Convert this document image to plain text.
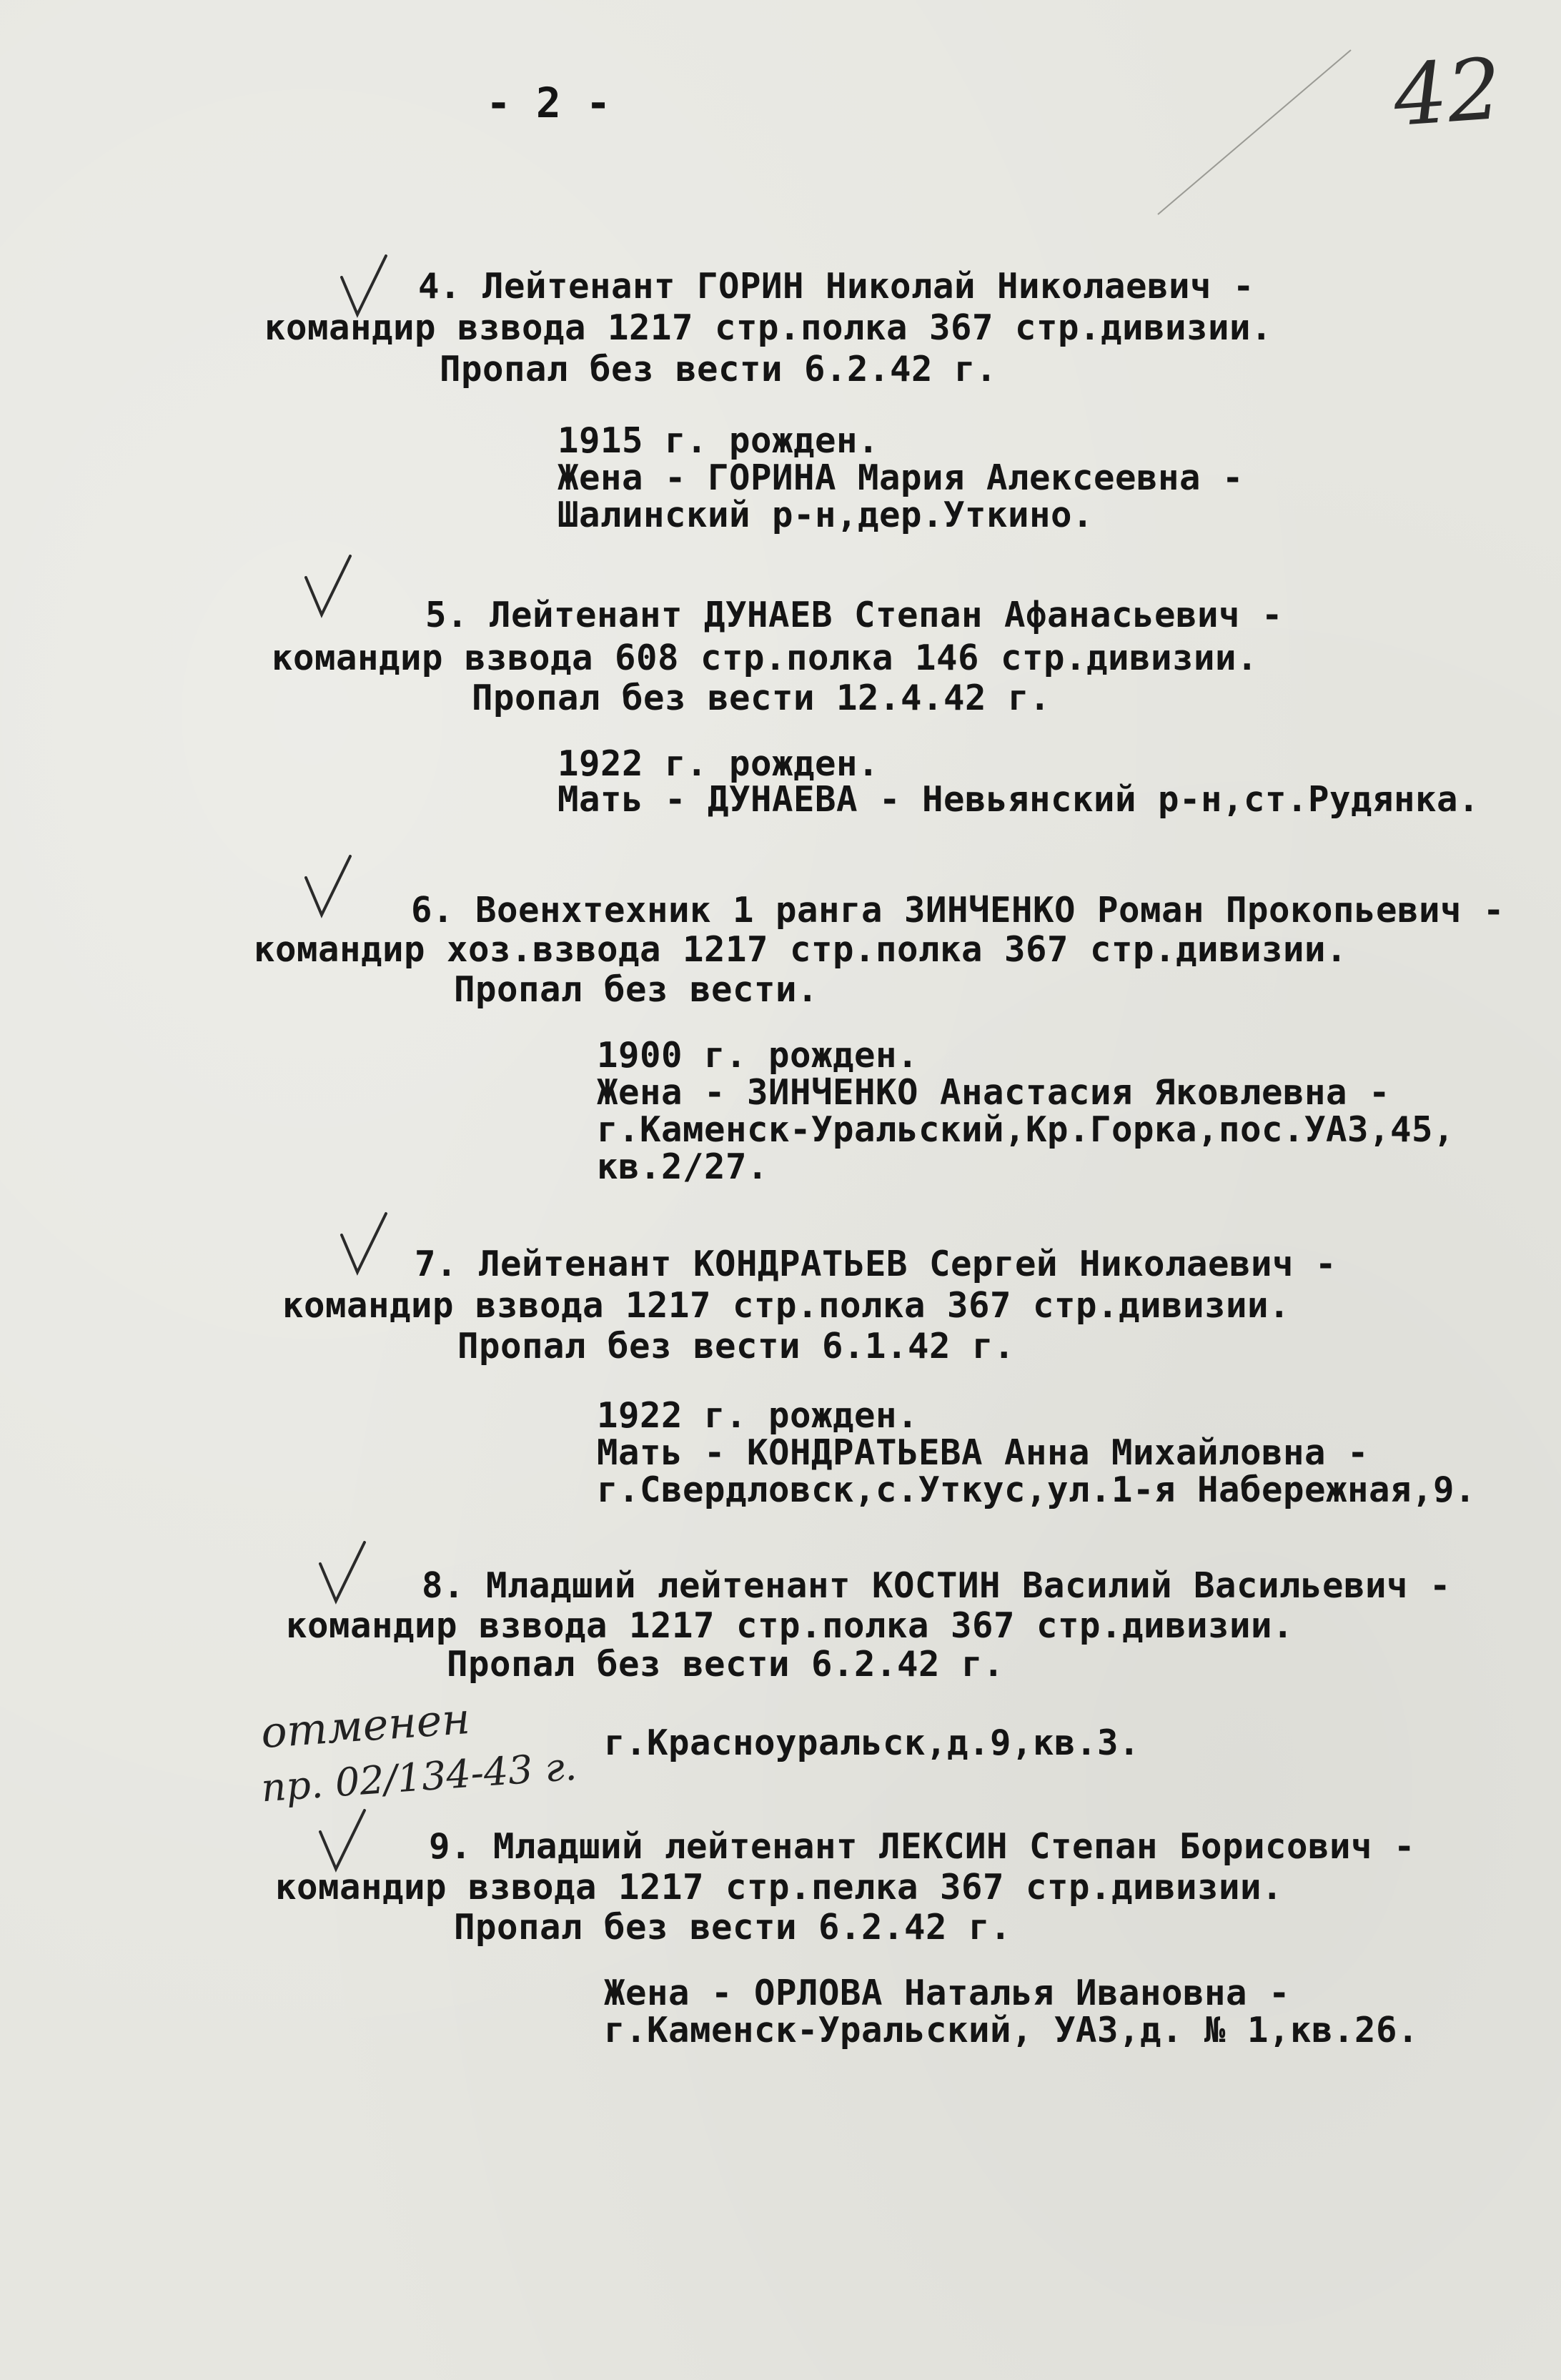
- 2 -	42
4. Лейтенант ГОРИН Николай Николаевич -
командир взвода 1217 стр.полка 367 стр.дивизии.
Пропал без вести 6.2.42 г.
1915 г. рожден.
Жена - ГОРИНА Мария Алексеевна -
Шалинский р-н,дер.Уткино.
5. Лейтенант ДУНАЕВ Степан Афанасьевич -
командир взвода 608 стр.полка 146 стр.дивизии.
Пропал без вести 12.4.42 г.
1922 г. рожден.
Мать - ДУНАЕВА - Невьянский р-н,ст.Рудянка.
6. Военхтехник 1 ранга ЗИНЧЕНКО Роман Прокопьевич -
командир хоз.взвода 1217 стр.полка 367 стр.дивизии.
Пропал без вести.
1900 г. рожден.
Жена - ЗИНЧЕНКО Анастасия Яковлевна -
г.Каменск-Уральский,Кр.Горка,пос.УАЗ,45,
кв.2/27.
7. Лейтенант КОНДРАТЬЕВ Сергей Николаевич -
командир взвода 1217 стр.полка 367 стр.дивизии.
Пропал без вести 6.1.42 г.
1922 г. рожден.
Мать - КОНДРАТЬЕВА Анна Михайловна -
г.Свердловск,с.Уткус,ул.1-я Набережная,9.
8. Младший лейтенант КОСТИН Василий Васильевич -
командир взвода 1217 стр.полка 367 стр.дивизии.
Пропал без вести 6.2.42 г.
отменен
пр. 02/134-43 г.
г.Красноуральск,д.9,кв.3.
9. Младший лейтенант ЛЕКСИН Степан Борисович -
командир взвода 1217 стр.пелка 367 стр.дивизии.
Пропал без вести 6.2.42 г.
Жена - ОРЛОВА Наталья Ивановна -
г.Каменск-Уральский, УАЗ,д. № 1,кв.26.
